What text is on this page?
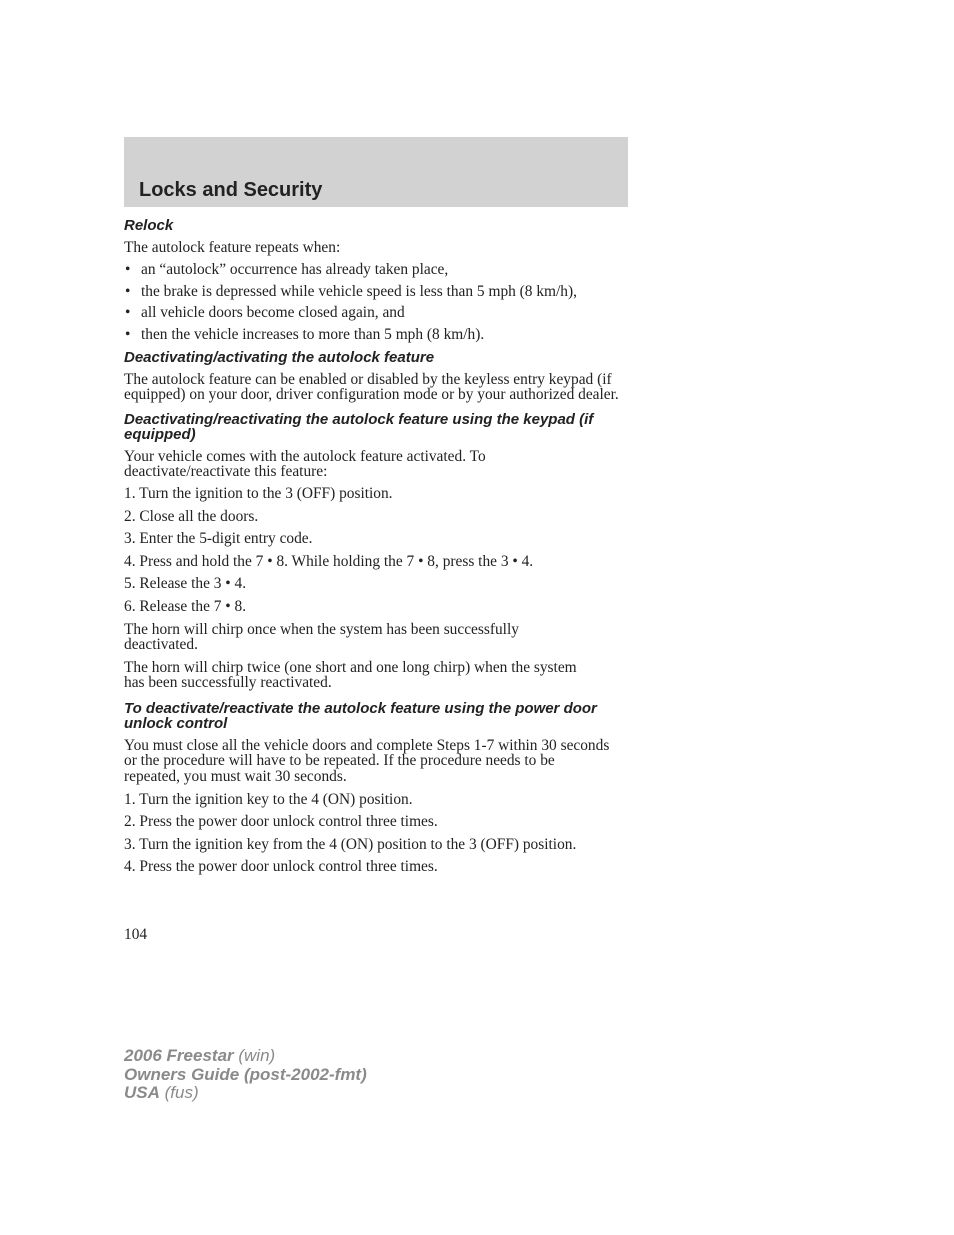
Locks and Security
Relock

The autolock feature repeats when:

• an “autolock” occurrence has already taken place,
• the brake is depressed while vehicle speed is less than 5 mph (8 km/h),
• all vehicle doors become closed again, and
• then the vehicle increases to more than 5 mph (8 km/h).
Deactivating/activating the autolock feature

The autolock feature can be enabled or disabled by the keyless entry keypad (if equipped) on your door, driver configuration mode or by your authorized dealer.

Deactivating/reactivating the autolock feature using the keypad (if equipped)

Your vehicle comes with the autolock feature activated. To deactivate/reactivate this feature:

1. Turn the ignition to the 3 (OFF) position.
2. Close all the doors.
3. Enter the 5-digit entry code.
4. Press and hold the 7 • 8. While holding the 7 • 8, press the 3 • 4.
5. Release the 3 • 4.
6. Release the 7 • 8.

The horn will chirp once when the system has been successfully deactivated.

The horn will chirp twice (one short and one long chirp) when the system has been successfully reactivated.

To deactivate/reactivate the autolock feature using the power door unlock control

You must close all the vehicle doors and complete Steps 1-7 within 30 seconds or the procedure will have to be repeated. If the procedure needs to be repeated, you must wait 30 seconds.

1. Turn the ignition key to the 4 (ON) position.
2. Press the power door unlock control three times.
3. Turn the ignition key from the 4 (ON) position to the 3 (OFF) position.
4. Press the power door unlock control three times.
104
2006 Freestar (win)
Owners Guide (post-2002-fmt)
USA (fus)
